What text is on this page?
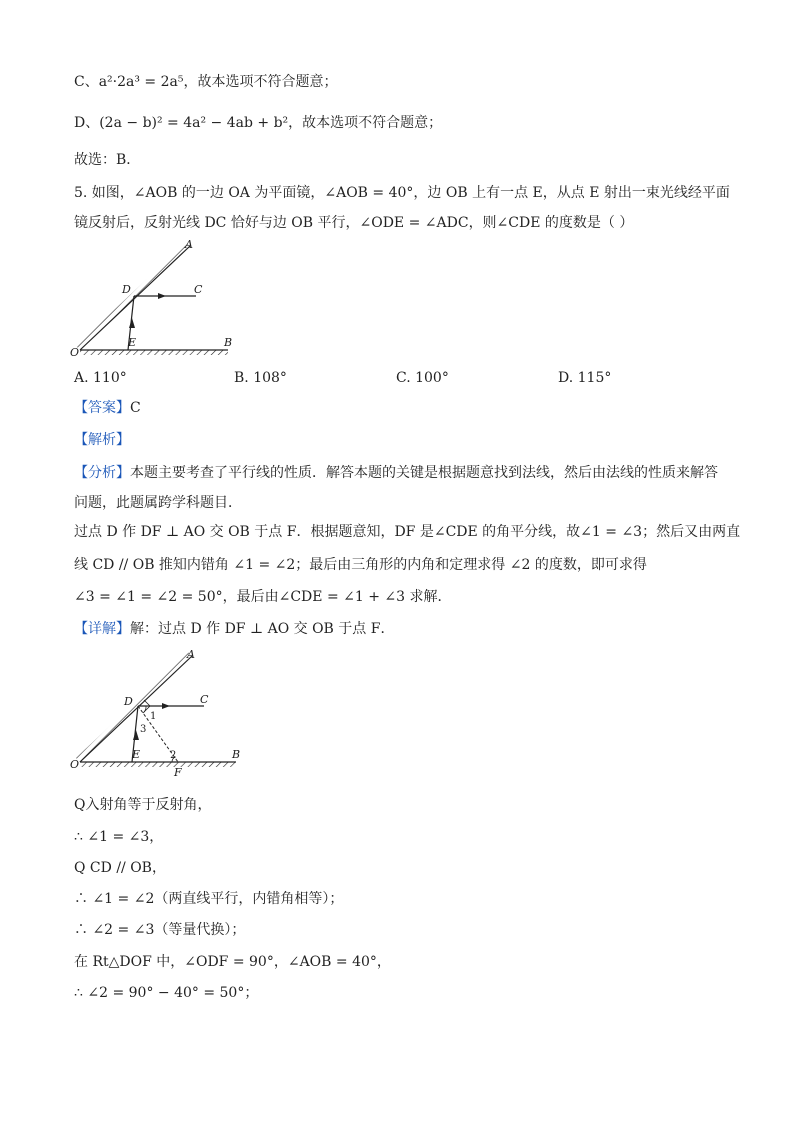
C、a²·2a³ = 2a⁵，故本选项不符合题意；
D、(2a − b)² = 4a² − 4ab + b²，故本选项不符合题意；
故选：B．
5. 如图，∠AOB 的一边 OA 为平面镜，∠AOB = 40°，边 OB 上有一点 E，从点 E 射出一束光线经平面
镜反射后，反射光线 DC 恰好与边 OB 平行，∠ODE = ∠ADC，则∠CDE 的度数是（ ）
A
C
D
O
E	B
A. 110°	B. 108°	C. 100°	D. 115°
【答案】C
【解析】
【分析】本题主要考查了平行线的性质．解答本题的关键是根据题意找到法线，然后由法线的性质来解答
问题，此题属跨学科题目．
过点 D 作 DF ⊥ AO 交 OB 于点 F．根据题意知，DF 是∠CDE 的角平分线，故∠1 = ∠3；然后又由两直
线 CD // OB 推知内错角 ∠1 = ∠2；最后由三角形的内角和定理求得 ∠2 的度数，即可求得
∠3 = ∠1 = ∠2 = 50°，最后由∠CDE = ∠1 + ∠3 求解．
【详解】解：过点 D 作 DF ⊥ AO 交 OB 于点 F．
A
C
D
O
E	B
F
1
2
3
Q入射角等于反射角，
∴ ∠1 = ∠3，
Q CD // OB，
∴ ∠1 = ∠2（两直线平行，内错角相等）；
∴ ∠2 = ∠3（等量代换）；
在 Rt△DOF 中，∠ODF = 90°，∠AOB = 40°，
∴ ∠2 = 90° − 40° = 50°；
